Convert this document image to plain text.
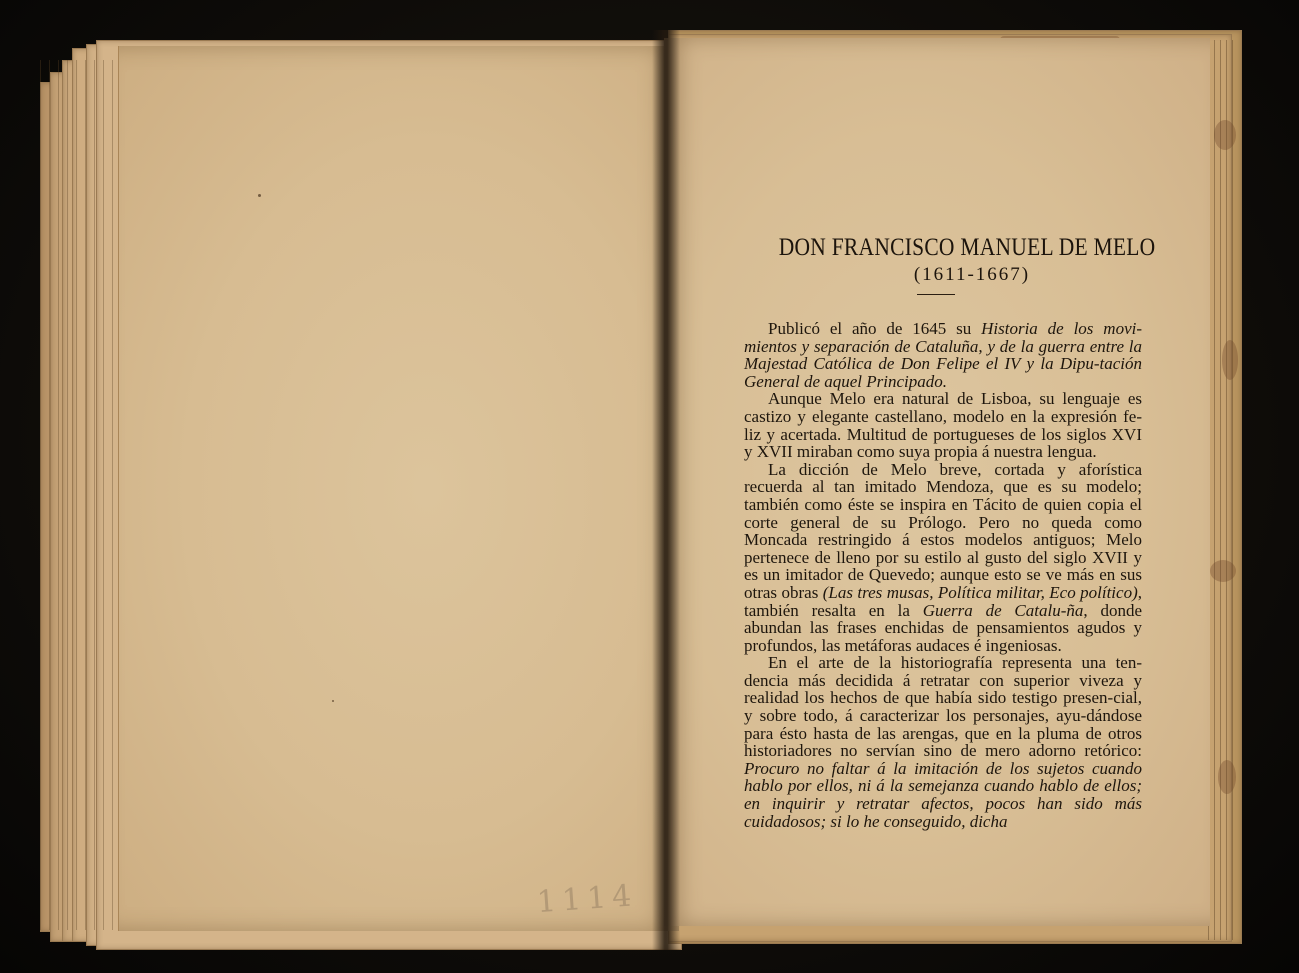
1114
DON FRANCISCO MANUEL DE MELO
(1611-1667)

Publicó el año de 1645 su Historia de los movi-mientos y separación de Cataluña, y de la guerra entre la Majestad Católica de Don Felipe el IV y la Dipu-tación General de aquel Principado.

Aunque Melo era natural de Lisboa, su lenguaje es castizo y elegante castellano, modelo en la expresión fe-liz y acertada. Multitud de portugueses de los siglos XVI y XVII miraban como suya propia á nuestra lengua.

La dicción de Melo breve, cortada y aforística recuerda al tan imitado Mendoza, que es su modelo; también como éste se inspira en Tácito de quien copia el corte general de su Prólogo. Pero no queda como Moncada restringido á estos modelos antiguos; Melo pertenece de lleno por su estilo al gusto del siglo XVII y es un imitador de Quevedo; aunque esto se ve más en sus otras obras (Las tres musas, Política militar, Eco político), también resalta en la Guerra de Catalu-ña, donde abundan las frases enchidas de pensamientos agudos y profundos, las metáforas audaces é ingeniosas.

En el arte de la historiografía representa una ten-dencia más decidida á retratar con superior viveza y realidad los hechos de que había sido testigo presen-cial, y sobre todo, á caracterizar los personajes, ayu-dándose para ésto hasta de las arengas, que en la pluma de otros historiadores no servían sino de mero adorno retórico: Procuro no faltar á la imitación de los sujetos cuando hablo por ellos, ni á la semejanza cuando hablo de ellos; en inquirir y retratar afectos, pocos han sido más cuidadosos; si lo he conseguido, dicha
